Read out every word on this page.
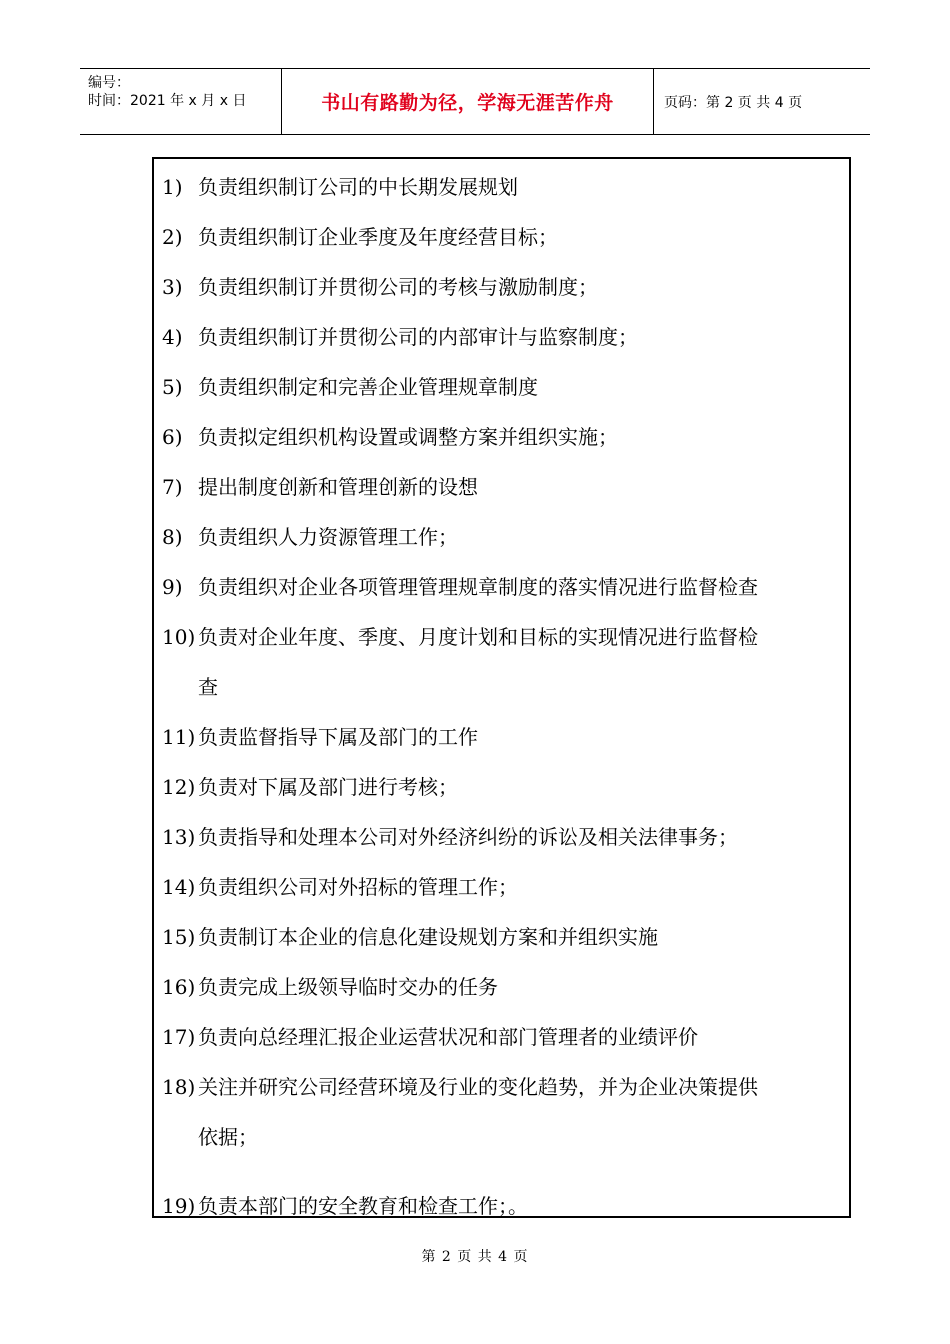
编号：
时间：2021 年 x 月 x 日	书山有路勤为径，学海无涯苦作舟	页码：第 2 页 共 4 页
1) 负责组织制订公司的中长期发展规划
2) 负责组织制订企业季度及年度经营目标；
3) 负责组织制订并贯彻公司的考核与激励制度；
4) 负责组织制订并贯彻公司的内部审计与监察制度；
5) 负责组织制定和完善企业管理规章制度
6) 负责拟定组织机构设置或调整方案并组织实施；
7) 提出制度创新和管理创新的设想
8) 负责组织人力资源管理工作；
9) 负责组织对企业各项管理管理规章制度的落实情况进行监督检查
10) 负责对企业年度、季度、月度计划和目标的实现情况进行监督检
查
11) 负责监督指导下属及部门的工作
12) 负责对下属及部门进行考核；
13) 负责指导和处理本公司对外经济纠纷的诉讼及相关法律事务；
14) 负责组织公司对外招标的管理工作；
15) 负责制订本企业的信息化建设规划方案和并组织实施
16) 负责完成上级领导临时交办的任务
17) 负责向总经理汇报企业运营状况和部门管理者的业绩评价
18) 关注并研究公司经营环境及行业的变化趋势，并为企业决策提供
依据；
19) 负责本部门的安全教育和检查工作；。
第 2 页 共 4 页
